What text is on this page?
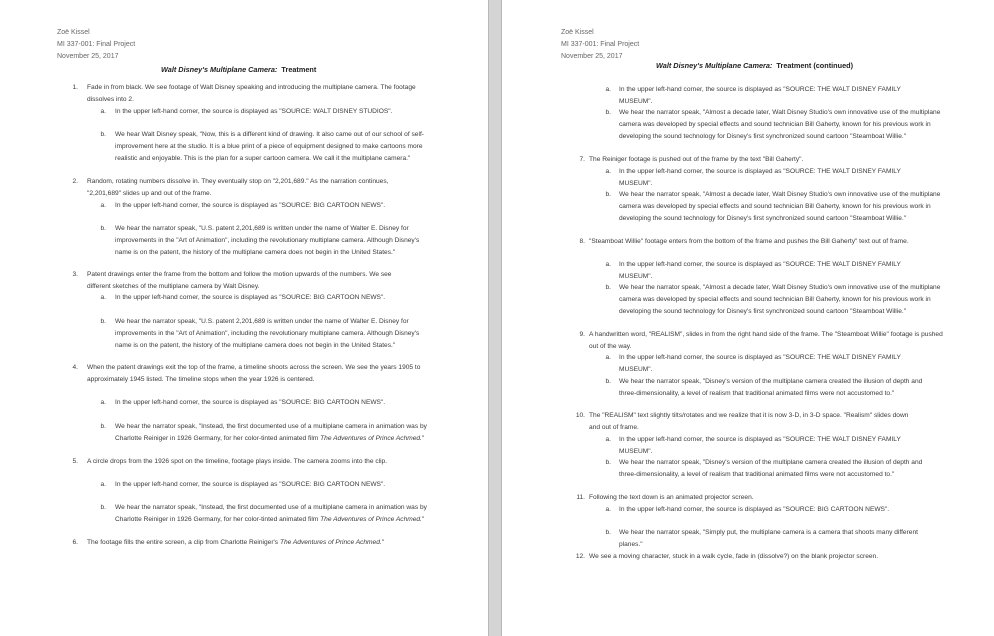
Zoë Kissel
MI 337-001: Final Project
November 25, 2017
Walt Disney's Multiplane Camera: Treatment
1. Fade in from black. We see footage of Walt Disney speaking and introducing the multiplane camera. The footage dissolves into 2.
a. In the upper left-hand corner, the source is displayed as "SOURCE: WALT DISNEY STUDIOS".
b. We hear Walt Disney speak, "Now, this is a different kind of drawing. It also came out of our school of self-improvement here at the studio. It is a blue print of a piece of equipment designed to make cartoons more realistic and enjoyable. This is the plan for a super cartoon camera. We call it the multiplane camera."
2. Random, rotating numbers dissolve in. They eventually stop on "2,201,689." As the narration continues, "2,201,689" slides up and out of the frame.
a. In the upper left-hand corner, the source is displayed as "SOURCE: BIG CARTOON NEWS".
b. We hear the narrator speak, "U.S. patent 2,201,689 is written under the name of Walter E. Disney for improvements in the "Art of Animation", including the revolutionary multiplane camera. Although Disney's name is on the patent, the history of the multiplane camera does not begin in the United States."
3. Patent drawings enter the frame from the bottom and follow the motion upwards of the numbers. We see different sketches of the multiplane camera by Walt Disney.
a. In the upper left-hand corner, the source is displayed as "SOURCE: BIG CARTOON NEWS".
b. We hear the narrator speak, "U.S. patent 2,201,689 is written under the name of Walter E. Disney for improvements in the "Art of Animation", including the revolutionary multiplane camera. Although Disney's name is on the patent, the history of the multiplane camera does not begin in the United States."
4. When the patent drawings exit the top of the frame, a timeline shoots across the screen. We see the years 1905 to approximately 1945 listed. The timeline stops when the year 1926 is centered.
a. In the upper left-hand corner, the source is displayed as "SOURCE: BIG CARTOON NEWS".
b. We hear the narrator speak, "Instead, the first documented use of a multiplane camera in animation was by Charlotte Reiniger in 1926 Germany, for her color-tinted animated film The Adventures of Prince Achmed."
5. A circle drops from the 1926 spot on the timeline, footage plays inside. The camera zooms into the clip.
a. In the upper left-hand corner, the source is displayed as "SOURCE: BIG CARTOON NEWS".
b. We hear the narrator speak, "Instead, the first documented use of a multiplane camera in animation was by Charlotte Reiniger in 1926 Germany, for her color-tinted animated film The Adventures of Prince Achmed."
6. The footage fills the entire screen, a clip from Charlotte Reiniger's The Adventures of Prince Achmed."
Zoë Kissel
MI 337-001: Final Project
November 25, 2017
Walt Disney's Multiplane Camera: Treatment (continued)
a. In the upper left-hand corner, the source is displayed as "SOURCE: THE WALT DISNEY FAMILY MUSEUM".
b. We hear the narrator speak, "Almost a decade later, Walt Disney Studio's own innovative use of the multiplane camera was developed by special effects and sound technician Bill Gaherty, known for his previous work in developing the sound technology for Disney's first synchronized sound cartoon "Steamboat Willie."
7. The Reiniger footage is pushed out of the frame by the text "Bill Gaherty".
a. In the upper left-hand corner, the source is displayed as "SOURCE: THE WALT DISNEY FAMILY MUSEUM".
b. We hear the narrator speak, "Almost a decade later, Walt Disney Studio's own innovative use of the multiplane camera was developed by special effects and sound technician Bill Gaherty, known for his previous work in developing the sound technology for Disney's first synchronized sound cartoon "Steamboat Willie."
8. "Steamboat Willie" footage enters from the bottom of the frame and pushes the Bill Gaherty" text out of frame.
a. In the upper left-hand corner, the source is displayed as "SOURCE: THE WALT DISNEY FAMILY MUSEUM".
b. We hear the narrator speak, "Almost a decade later, Walt Disney Studio's own innovative use of the multiplane camera was developed by special effects and sound technician Bill Gaherty, known for his previous work in developing the sound technology for Disney's first synchronized sound cartoon "Steamboat Willie."
9. A handwritten word, "REALISM", slides in from the right hand side of the frame. The "Steamboat Willie" footage is pushed out of the way.
a. In the upper left-hand corner, the source is displayed as "SOURCE: THE WALT DISNEY FAMILY MUSEUM".
b. We hear the narrator speak, "Disney's version of the multiplane camera created the illusion of depth and three-dimensionality, a level of realism that traditional animated films were not accustomed to."
10. The "REALISM" text slightly tilts/rotates and we realize that it is now 3-D, in 3-D space. "Realism" slides down and out of frame.
a. In the upper left-hand corner, the source is displayed as "SOURCE: THE WALT DISNEY FAMILY MUSEUM".
b. We hear the narrator speak, "Disney's version of the multiplane camera created the illusion of depth and three-dimensionality, a level of realism that traditional animated films were not accustomed to."
11. Following the text down is an animated projector screen.
a. In the upper left-hand corner, the source is displayed as "SOURCE: BIG CARTOON NEWS".
b. We hear the narrator speak, "Simply put, the multiplane camera is a camera that shoots many different planes."
12. We see a moving character, stuck in a walk cycle, fade in (dissolve?) on the blank projector screen.
